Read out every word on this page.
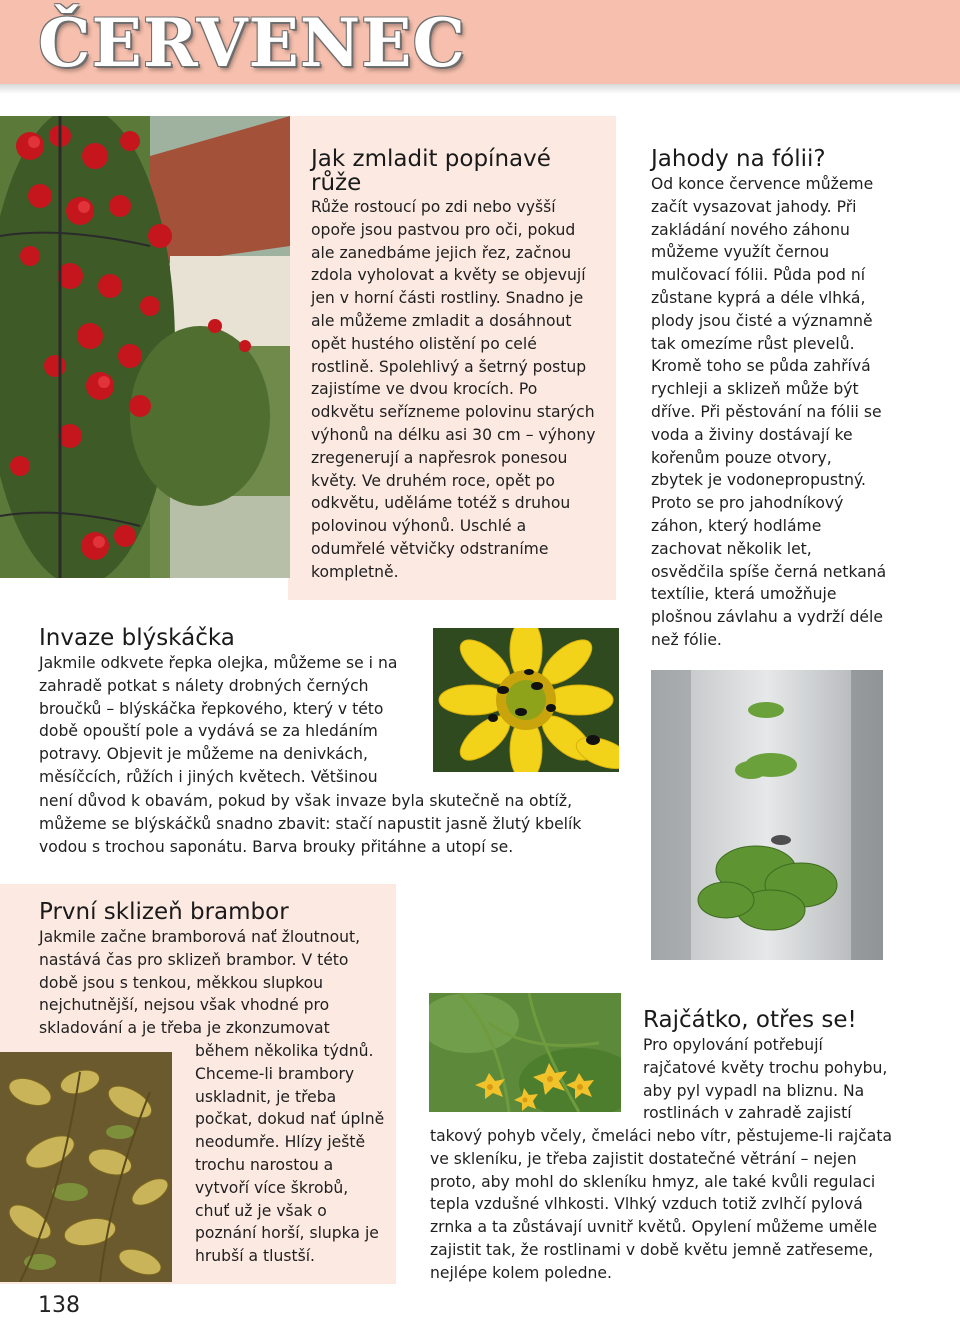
ČERVENEC
Jak zmladit popínavé růže

Růže rostoucí po zdi nebo vyšší opoře jsou pastvou pro oči, pokud ale zanedbáme jejich řez, začnou zdola vyholovat a květy se objevují jen v horní části rostliny. Snadno je ale můžeme zmladit a dosáhnout opět hustého olistění po celé rostlině. Spolehlivý a šetrný postup zajistíme ve dvou krocích. Po odkvětu seřízneme polovinu starých výhonů na délku asi 30 cm – výhony zregenerují a napřesrok ponesou květy. Ve druhém roce, opět po odkvětu, uděláme totéž s druhou polovinou výhonů. Uschlé a odumřelé větvičky odstraníme kompletně.

Jahody na fólii?

Od konce července můžeme začít vysazovat jahody. Při zakládání nového záhonu můžeme využít černou mulčovací fólii. Půda pod ní zůstane kyprá a déle vlhká, plody jsou čisté a významně tak omezíme růst plevelů. Kromě toho se půda zahřívá rychleji a sklizeň může být dříve. Při pěstování na fólii se voda a živiny dostávají ke kořenům pouze otvory, zbytek je vodonepropustný. Proto se pro jahodníkový záhon, který hodláme zachovat několik let, osvědčila spíše černá netkaná textílie, která umožňuje plošnou závlahu a vydrží déle než fólie.

Invaze blýskáčka

Jakmile odkvete řepka olejka, můžeme se i na zahradě potkat s nálety drobných černých broučků – blýskáčka řepkového, který v této době opouští pole a vydává se za hledáním potravy. Objevit je můžeme na denivkách, měsíčcích, růžích i jiných květech. Většinou

není důvod k obavám, pokud by však invaze byla skutečně na obtíž, můžeme se blýskáčků snadno zbavit: stačí napustit jasně žlutý kbelík vodou s trochou saponátu. Barva brouky přitáhne a utopí se.

První sklizeň brambor

Jakmile začne bramborová nať žloutnout, nastává čas pro sklizeň brambor. V této době jsou s tenkou, měkkou slupkou nejchutnější, nejsou však vhodné pro skladování a je třeba je zkonzumovat

během několika týdnů. Chceme-li brambory uskladnit, je třeba počkat, dokud nať úplně neodumře. Hlízy ještě trochu narostou a vytvoří více škrobů, chuť už je však o poznání horší, slupka je hrubší a tlustší.

Rajčátko, otřes se!

Pro opylování potřebují rajčatové květy trochu pohybu, aby pyl vypadl na bliznu. Na rostlinách v zahradě zajistí

takový pohyb včely, čmeláci nebo vítr, pěstujeme-li rajčata ve skleníku, je třeba zajistit dostatečné větrání – nejen proto, aby mohl do skleníku hmyz, ale také kvůli regulaci tepla vzdušné vlhkosti. Vlhký vzduch totiž zvlhčí pylová zrnka a ta zůstávají uvnitř květů. Opylení můžeme uměle zajistit tak, že rostlinami v době květu jemně zatřeseme, nejlépe kolem poledne.

138
